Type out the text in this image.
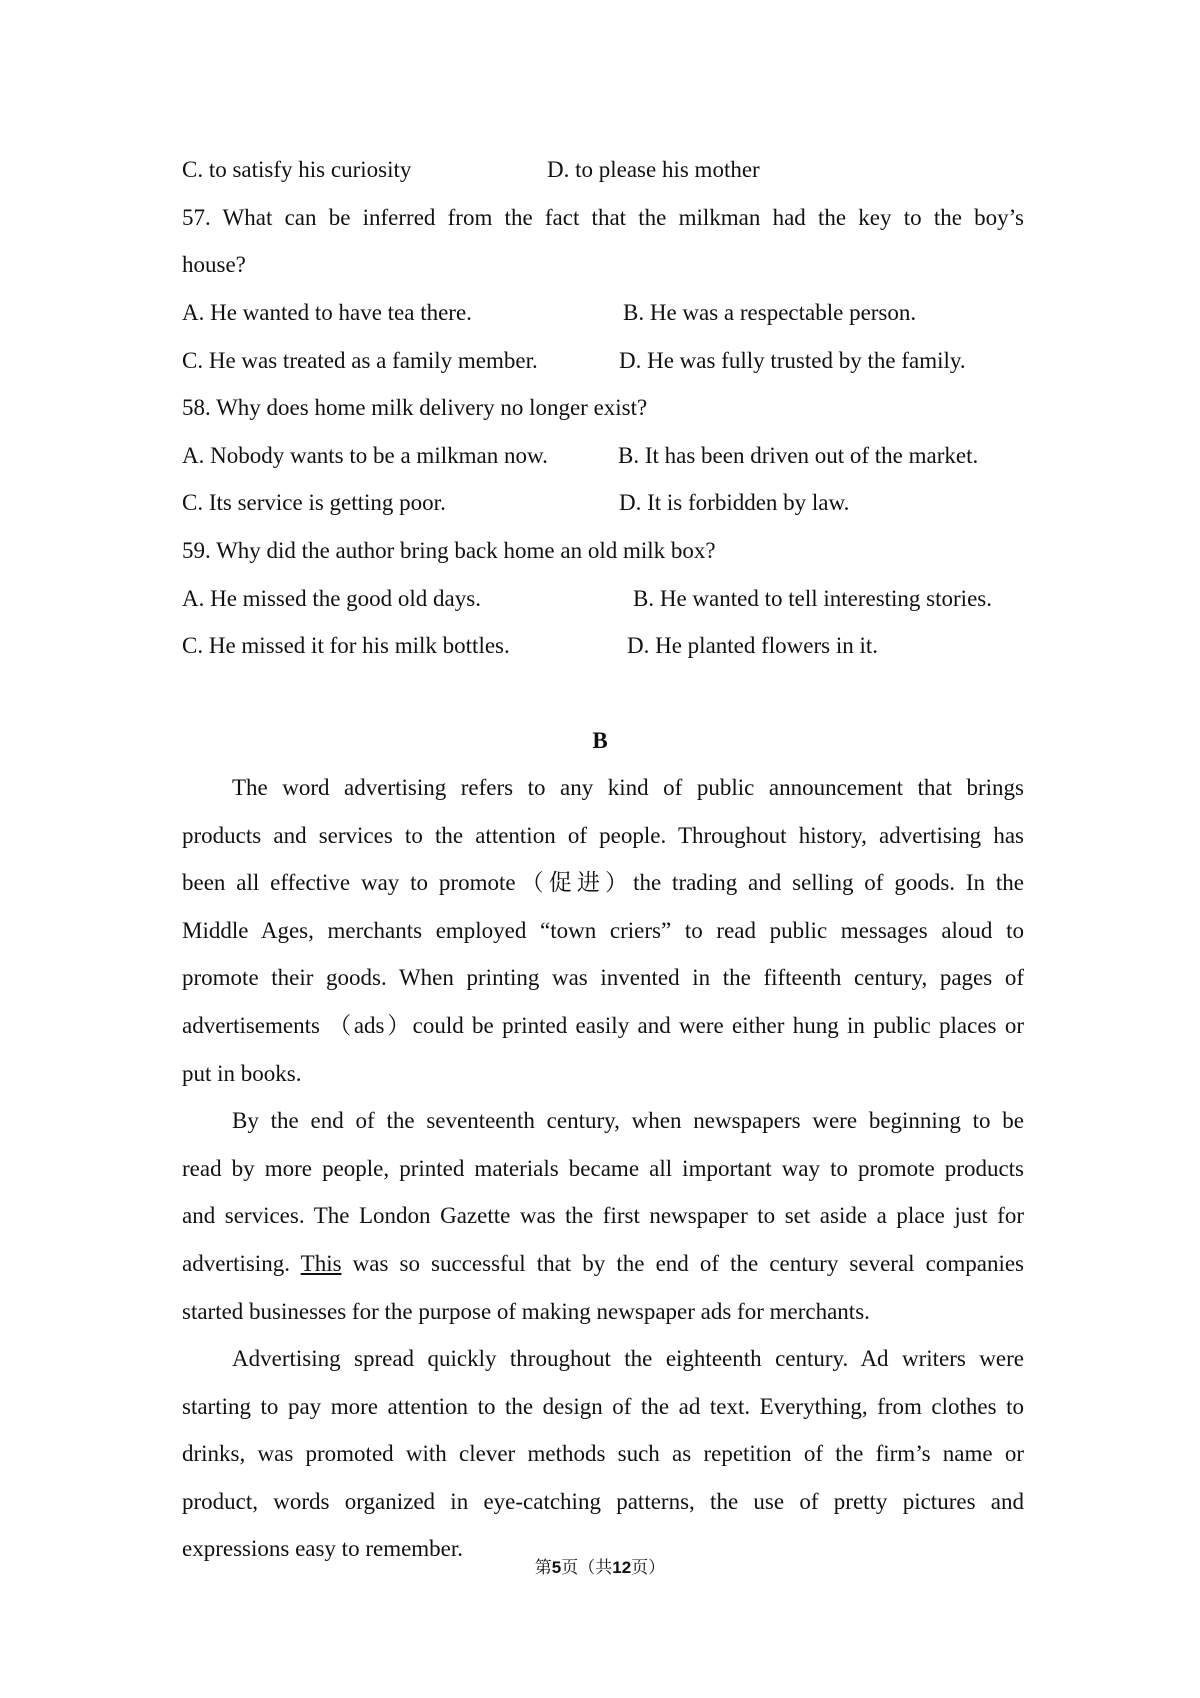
C. to satisfy his curiosity	D. to please his mother
57. What can be inferred from the fact that the milkman had the key to the boy’s
house?
A. He wanted to have tea there.	B. He was a respectable person.
C. He was treated as a family member.	D. He was fully trusted by the family.
58. Why does home milk delivery no longer exist?
A. Nobody wants to be a milkman now.	B. It has been driven out of the market.
C. Its service is getting poor.	D. It is forbidden by law.
59. Why did the author bring back home an old milk box?
A. He missed the good old days.	B. He wanted to tell interesting stories.
C. He missed it for his milk bottles.	D. He planted flowers in it.
B
The word advertising refers to any kind of public announcement that brings
products and services to the attention of people. Throughout history, advertising has
been all effective way to promote（促进）the trading and selling of goods. In the
Middle Ages, merchants employed “town criers” to read public messages aloud to
promote their goods. When printing was invented in the fifteenth century, pages of
advertisements （ads）could be printed easily and were either hung in public places or
put in books.
By the end of the seventeenth century, when newspapers were beginning to be
read by more people, printed materials became all important way to promote products
and services. The London Gazette was the first newspaper to set aside a place just for
advertising. This was so successful that by the end of the century several companies
started businesses for the purpose of making newspaper ads for merchants.
Advertising spread quickly throughout the eighteenth century. Ad writers were
starting to pay more attention to the design of the ad text. Everything, from clothes to
drinks, was promoted with clever methods such as repetition of the firm’s name or
product, words organized in eye-catching patterns, the use of pretty pictures and
expressions easy to remember.
第5页（共12页）
